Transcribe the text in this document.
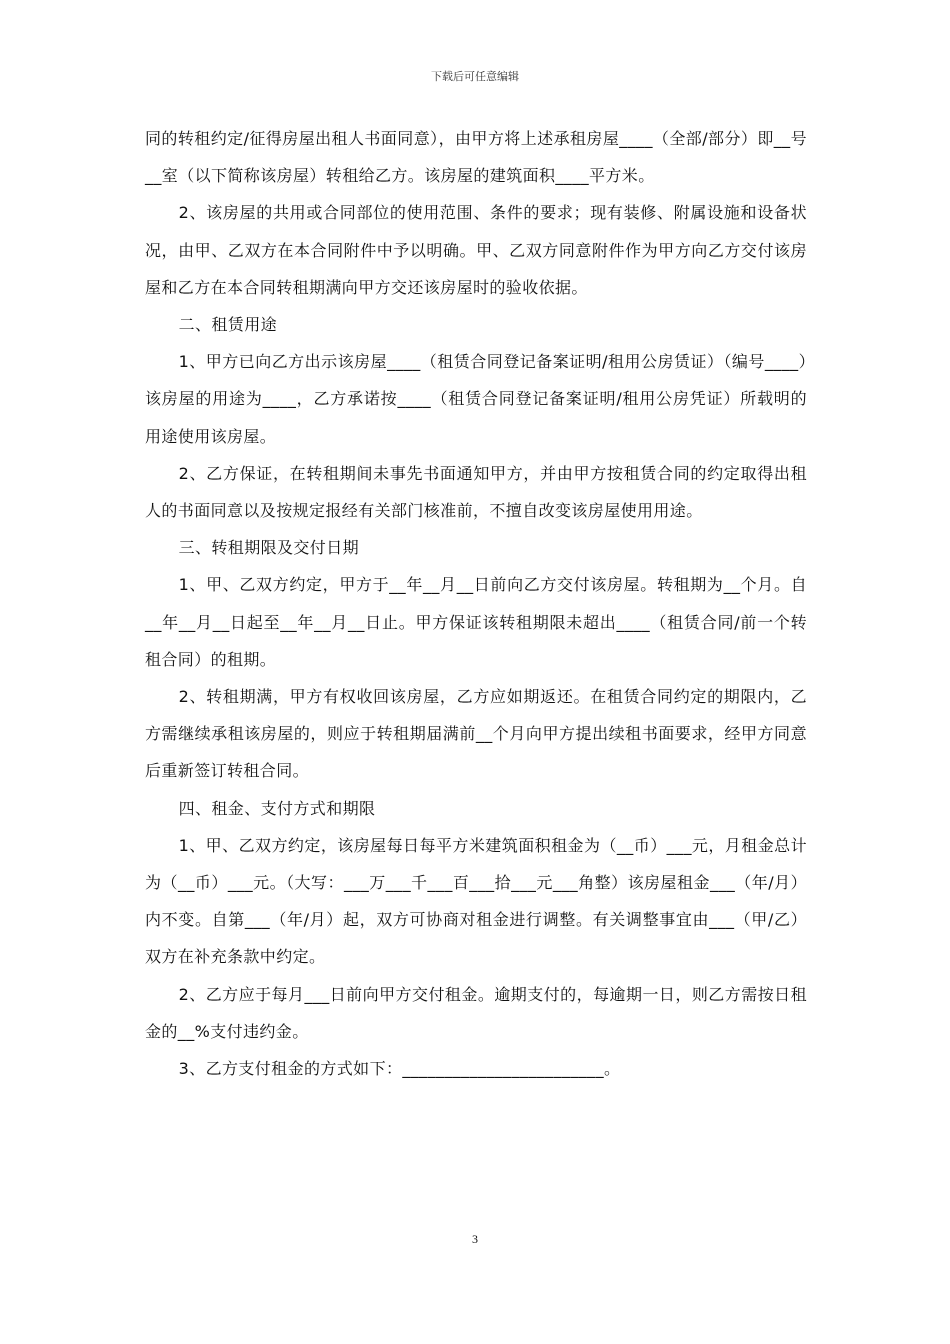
下载后可任意编辑

同的转租约定/征得房屋出租人书面同意），由甲方将上述承租房屋____（全部/部分）即__号__室（以下简称该房屋）转租给乙方。该房屋的建筑面积____平方米。

2、该房屋的共用或合同部位的使用范围、条件的要求；现有装修、附属设施和设备状况，由甲、乙双方在本合同附件中予以明确。甲、乙双方同意附件作为甲方向乙方交付该房屋和乙方在本合同转租期满向甲方交还该房屋时的验收依据。

二、租赁用途

1、甲方已向乙方出示该房屋____（租赁合同登记备案证明/租用公房赁证）（编号____）该房屋的用途为____，乙方承诺按____（租赁合同登记备案证明/租用公房凭证）所载明的用途使用该房屋。

2、乙方保证，在转租期间未事先书面通知甲方，并由甲方按租赁合同的约定取得出租人的书面同意以及按规定报经有关部门核准前，不擅自改变该房屋使用用途。

三、转租期限及交付日期

1、甲、乙双方约定，甲方于__年__月__日前向乙方交付该房屋。转租期为__个月。自__年__月__日起至__年__月__日止。甲方保证该转租期限未超出____（租赁合同/前一个转租合同）的租期。

2、转租期满，甲方有权收回该房屋，乙方应如期返还。在租赁合同约定的期限内，乙方需继续承租该房屋的，则应于转租期届满前__个月向甲方提出续租书面要求，经甲方同意后重新签订转租合同。

四、租金、支付方式和期限

1、甲、乙双方约定，该房屋每日每平方米建筑面积租金为（__币）___元，月租金总计为（__币）___元。（大写：___万___千___百___拾___元___角整）该房屋租金___（年/月）内不变。自第___（年/月）起，双方可协商对租金进行调整。有关调整事宜由___（甲/乙）双方在补充条款中约定。

2、乙方应于每月___日前向甲方交付租金。逾期支付的，每逾期一日，则乙方需按日租金的__%支付违约金。

3、乙方支付租金的方式如下：________________________。

3
